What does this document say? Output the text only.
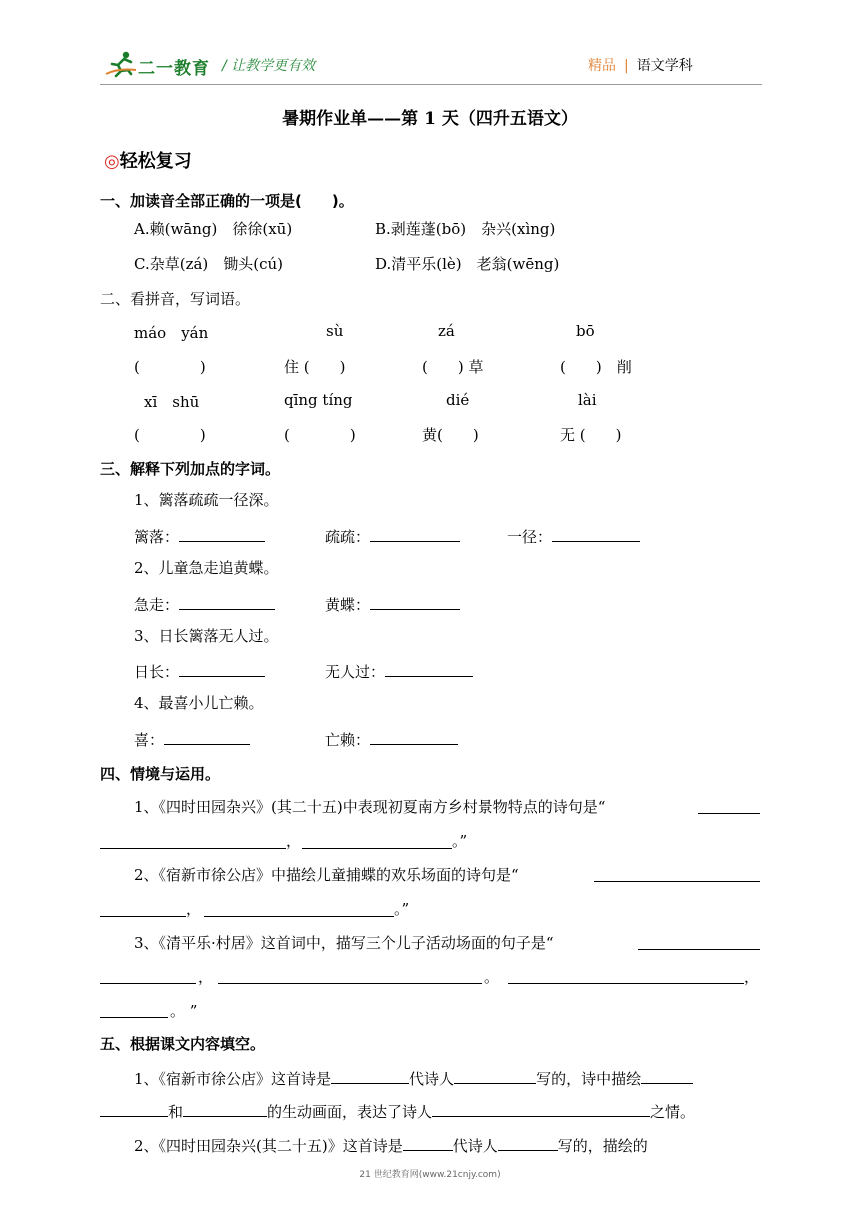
二一教育 / 让教学更有效	精品 | 语文学科
暑期作业单——第 1 天（四升五语文）
◎轻松复习
一、加读音全部正确的一项是(　　)。
A.赖(wāng)　徐徐(xū)	B.剥莲蓬(bō)　杂兴(xìng)
C.杂草(zá)　锄头(cú)	D.清平乐(lè)　老翁(wēng)
二、看拼音，写词语。
máo　yán	sù	zá	bō
(　　　　)	住 (　　)	(　　) 草	(　　)　削
xī　shū	qīng tíng	dié	lài
(　　　　)	(　　　　)	黄(　　)	无 (　　)
三、解释下列加点的字词。
1、篱落疏疏一径深。
篱落：	疏疏：	一径：
2、儿童急走追黄蝶。
急走：	黄蝶：
3、日长篱落无人过。
日长：	无人过：
4、最喜小儿亡赖。
喜：	亡赖：
四、情境与运用。
1、《四时田园杂兴》(其二十五)中表现初夏南方乡村景物特点的诗句是“
，	。”
2、《宿新市徐公店》中描绘儿童捕蝶的欢乐场面的诗句是“
，	。”
3、《清平乐·村居》这首词中，描写三个儿子活动场面的句子是“
，	。	，
。 ”
五、根据课文内容填空。
1、《宿新市徐公店》这首诗是	代诗人	写的，诗中描绘
和	的生动画面，表达了诗人	之情。
2、《四时田园杂兴(其二十五)》这首诗是	代诗人	写的，描绘的
21 世纪教育网(www.21cnjy.com)
